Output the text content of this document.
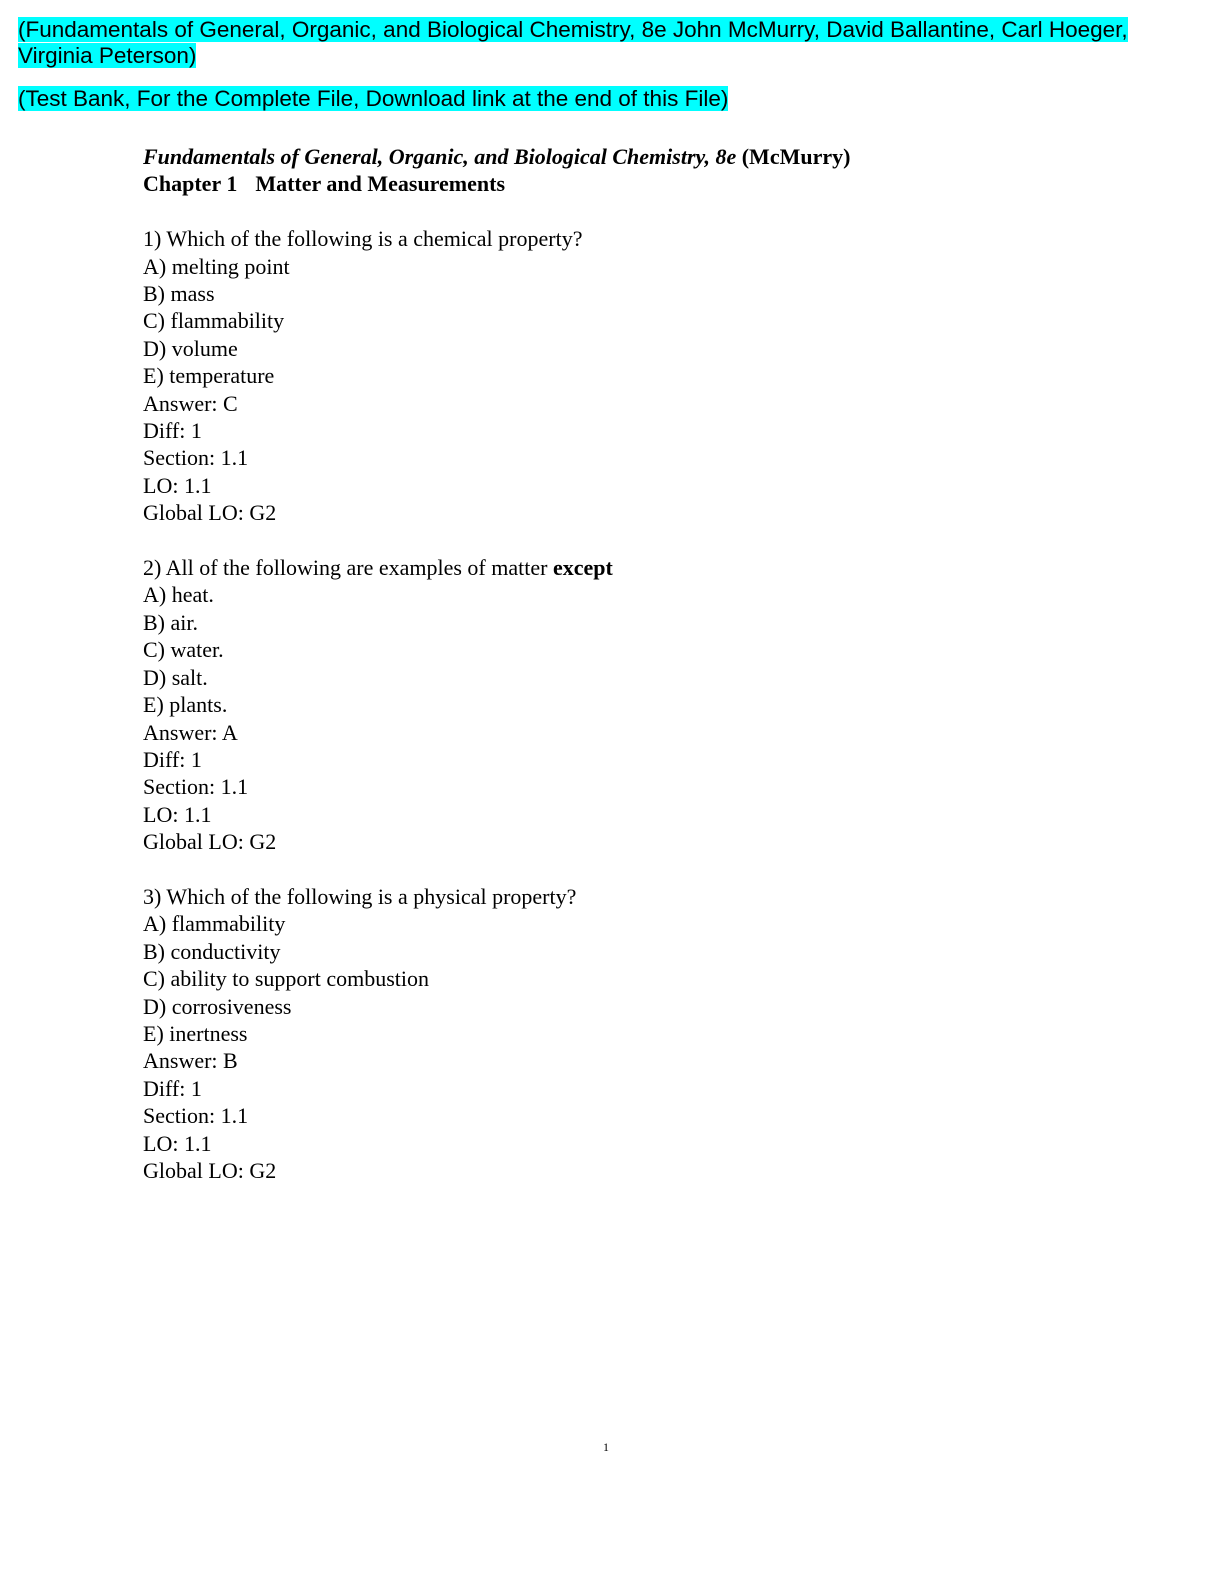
(Fundamentals of General, Organic, and Biological Chemistry, 8e John McMurry, David Ballantine, Carl Hoeger, Virginia Peterson)

(Test Bank, For the Complete File, Download link at the end of this File)

Fundamentals of General, Organic, and Biological Chemistry, 8e (McMurry)
Chapter 1 Matter and Measurements
1) Which of the following is a chemical property?
A) melting point
B) mass
C) flammability
D) volume
E) temperature
Answer: C
Diff: 1
Section: 1.1
LO: 1.1
Global LO: G2
2) All of the following are examples of matter except
A) heat.
B) air.
C) water.
D) salt.
E) plants.
Answer: A
Diff: 1
Section: 1.1
LO: 1.1
Global LO: G2
3) Which of the following is a physical property?
A) flammability
B) conductivity
C) ability to support combustion
D) corrosiveness
E) inertness
Answer: B
Diff: 1
Section: 1.1
LO: 1.1
Global LO: G2
1
